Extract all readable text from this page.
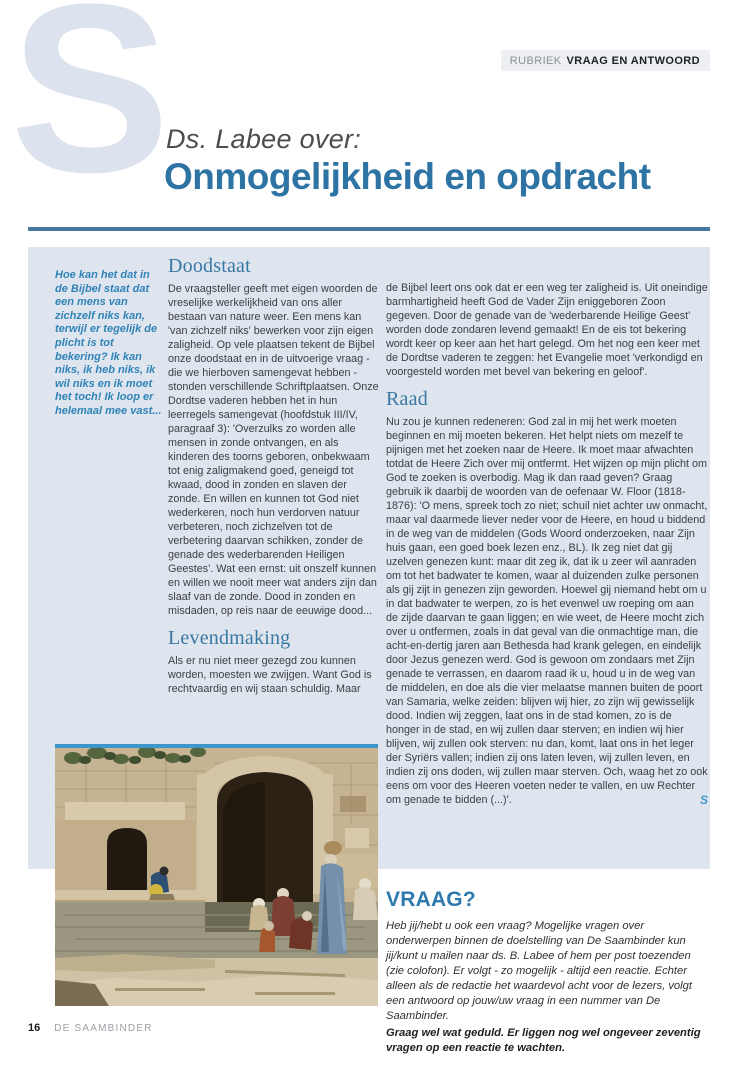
RUBRIEK VRAAG EN ANTWOORD
S
Ds. Labee over:
Onmogelijkheid en opdracht
Hoe kan het dat in de Bijbel staat dat een mens van zichzelf niks kan, terwijl er tegelijk de plicht is tot bekering? Ik kan niks, ik heb niks, ik wil niks en ik moet het toch! Ik loop er helemaal mee vast...
Doodstaat

De vraagsteller geeft met eigen woorden de vreselijke werkelijkheid van ons aller bestaan van nature weer. Een mens kan 'van zichzelf niks' bewerken voor zijn eigen zaligheid. Op vele plaatsen tekent de Bijbel onze doodstaat en in de uitvoerige vraag - die we hierboven samengevat hebben - stonden verschillende Schriftplaatsen. Onze Dordtse vaderen hebben het in hun leerregels samengevat (hoofdstuk III/IV, paragraaf 3): 'Overzulks zo worden alle mensen in zonde ontvangen, en als kinderen des toorns geboren, onbekwaam tot enig zaligmakend goed, geneigd tot kwaad, dood in zonden en slaven der zonde. En willen en kunnen tot God niet wederkeren, noch hun verdorven natuur verbeteren, noch zichzelven tot de verbetering daarvan schikken, zonder de genade des wederbarenden Heiligen Geestes'. Wat een ernst: uit onszelf kunnen en willen we nooit meer wat anders zijn dan slaaf van de zonde. Dood in zonden en misdaden, op reis naar de eeuwige dood...

Levendmaking

Als er nu niet meer gezegd zou kunnen worden, moesten we zwijgen. Want God is rechtvaardig en wij staan schuldig. Maar

de Bijbel leert ons ook dat er een weg ter zaligheid is. Uit oneindige barmhartigheid heeft God de Vader Zijn eniggeboren Zoon gegeven. Door de genade van de 'wederbarende Heilige Geest' worden dode zondaren levend gemaakt! En de eis tot bekering wordt keer op keer aan het hart gelegd. Om het nog een keer met de Dordtse vaderen te zeggen: het Evangelie moet 'verkondigd en voorgesteld worden met bevel van bekering en geloof'.

Raad

Nu zou je kunnen redeneren: God zal in mij het werk moeten beginnen en mij moeten bekeren. Het helpt niets om mezelf te pijnigen met het zoeken naar de Heere. Ik moet maar afwachten totdat de Heere Zich over mij ontfermt. Het wijzen op mijn plicht om God te zoeken is overbodig. Mag ik dan raad geven? Graag gebruik ik daarbij de woorden van de oefenaar W. Floor (1818-1876): 'O mens, spreek toch zo niet; schuil niet achter uw onmacht, maar val daarmede liever neder voor de Heere, en houd u biddend in de weg van de middelen (Gods Woord onderzoeken, naar Zijn huis gaan, een goed boek lezen enz., BL). Ik zeg niet dat gij uzelven genezen kunt: maar dit zeg ik, dat ik u zeer wil aanraden om tot het badwater te komen, waar al duizenden zulke personen als gij zijt in genezen zijn geworden. Hoewel gij niemand hebt om u in dat badwater te werpen, zo is het evenwel uw roeping om aan de zijde daarvan te gaan liggen; en wie weet, de Heere mocht zich over u ontfermen, zoals in dat geval van die onmachtige man, die acht-en-dertig jaren aan Bethesda had krank gelegen, en eindelijk door Jezus genezen werd. God is gewoon om zondaars met Zijn genade te verrassen, en daarom raad ik u, houd u in de weg van de middelen, en doe als die vier melaatse mannen buiten de poort van Samaria, welke zeiden: blijven wij hier, zo zijn wij gewisselijk dood. Indien wij zeggen, laat ons in de stad komen, zo is de honger in de stad, en wij zullen daar sterven; en indien wij hier blijven, wij zullen ook sterven: nu dan, komt, laat ons in het leger der Syriërs vallen; indien zij ons laten leven, wij zullen leven, en indien zij ons doden, wij zullen maar sterven. Och, waag het zo ook eens om voor des Heeren voeten neder te vallen, en uw Rechter om genade te bidden (...)'.	S

VRAAG?

Heb jij/hebt u ook een vraag? Mogelijke vragen over onderwerpen binnen de doelstelling van De Saambinder kun jij/kunt u mailen naar ds. B. Labee of hem per post toezenden (zie colofon). Er volgt - zo mogelijk - altijd een reactie. Echter alleen als de redactie het waardevol acht voor de lezers, volgt een antwoord op jouw/uw vraag in een nummer van De Saambinder.

Graag wel wat geduld. Er liggen nog wel ongeveer zeventig vragen op een reactie te wachten.

16 DE SAAMBINDER
